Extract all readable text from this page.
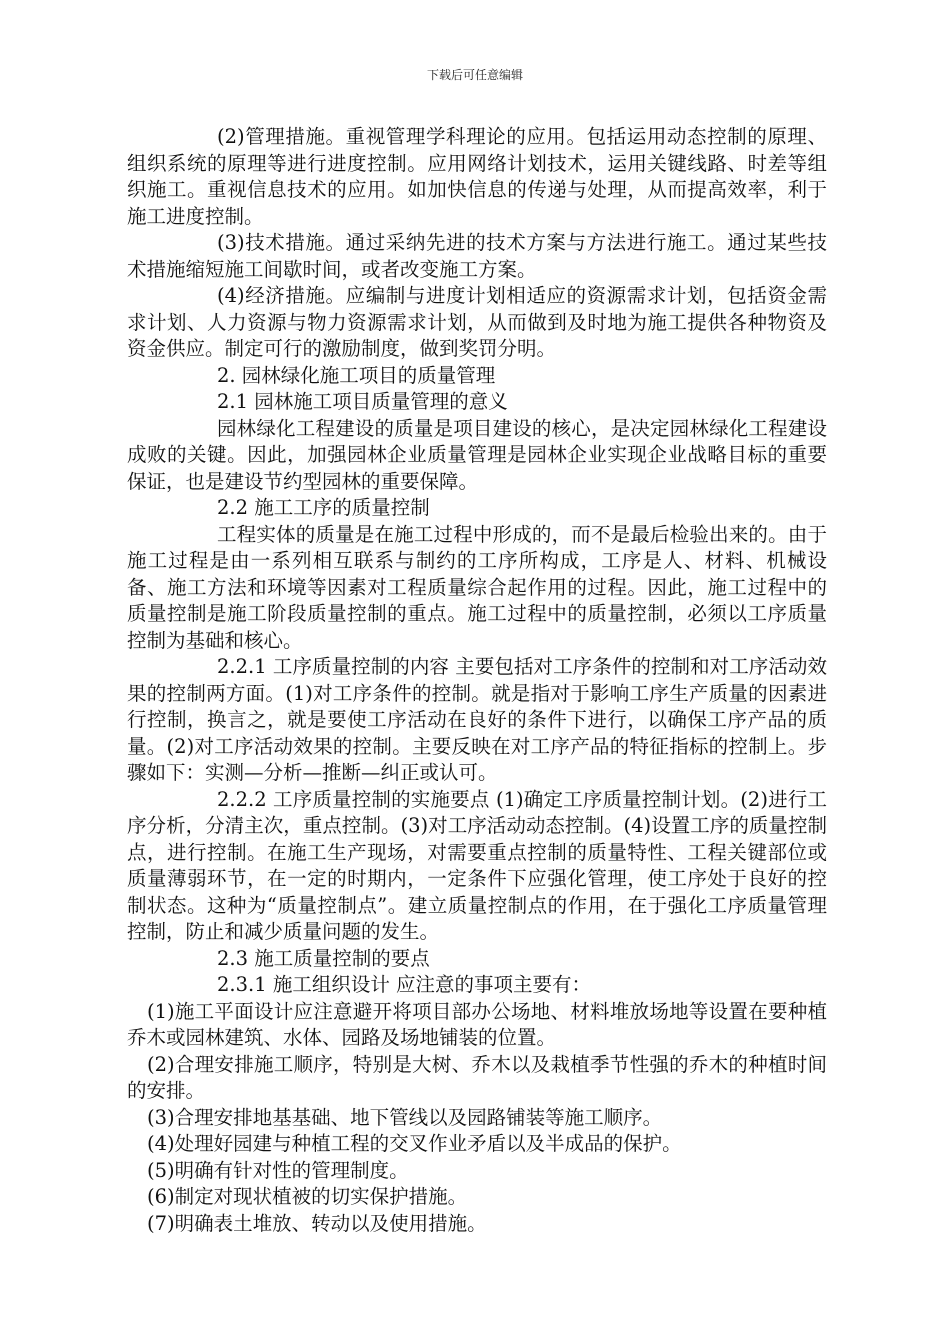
下载后可任意编辑

(2)管理措施。重视管理学科理论的应用。包括运用动态控制的原理、组织系统的原理等进行进度控制。应用网络计划技术，运用关键线路、时差等组织施工。重视信息技术的应用。如加快信息的传递与处理，从而提高效率，利于施工进度控制。

(3)技术措施。通过采纳先进的技术方案与方法进行施工。通过某些技术措施缩短施工间歇时间，或者改变施工方案。

(4)经济措施。应编制与进度计划相适应的资源需求计划，包括资金需求计划、人力资源与物力资源需求计划，从而做到及时地为施工提供各种物资及资金供应。制定可行的激励制度，做到奖罚分明。

2. 园林绿化施工项目的质量管理

2.1 园林施工项目质量管理的意义

园林绿化工程建设的质量是项目建设的核心，是决定园林绿化工程建设成败的关键。因此，加强园林企业质量管理是园林企业实现企业战略目标的重要保证，也是建设节约型园林的重要保障。

2.2 施工工序的质量控制

工程实体的质量是在施工过程中形成的，而不是最后检验出来的。由于施工过程是由一系列相互联系与制约的工序所构成，工序是人、材料、机械设备、施工方法和环境等因素对工程质量综合起作用的过程。因此，施工过程中的质量控制是施工阶段质量控制的重点。施工过程中的质量控制，必须以工序质量控制为基础和核心。

2.2.1 工序质量控制的内容 主要包括对工序条件的控制和对工序活动效果的控制两方面。(1)对工序条件的控制。就是指对于影响工序生产质量的因素进行控制，换言之，就是要使工序活动在良好的条件下进行，以确保工序产品的质量。(2)对工序活动效果的控制。主要反映在对工序产品的特征指标的控制上。步骤如下：实测—分析—推断—纠正或认可。

2.2.2 工序质量控制的实施要点 (1)确定工序质量控制计划。(2)进行工序分析，分清主次，重点控制。(3)对工序活动动态控制。(4)设置工序的质量控制点，进行控制。在施工生产现场，对需要重点控制的质量特性、工程关键部位或质量薄弱环节，在一定的时期内，一定条件下应强化管理，使工序处于良好的控制状态。这种为“质量控制点”。建立质量控制点的作用，在于强化工序质量管理控制，防止和减少质量问题的发生。

2.3 施工质量控制的要点

2.3.1 施工组织设计 应注意的事项主要有：

(1)施工平面设计应注意避开将项目部办公场地、材料堆放场地等设置在要种植乔木或园林建筑、水体、园路及场地铺装的位置。

(2)合理安排施工顺序，特别是大树、乔木以及栽植季节性强的乔木的种植时间的安排。

(3)合理安排地基基础、地下管线以及园路铺装等施工顺序。

(4)处理好园建与种植工程的交叉作业矛盾以及半成品的保护。

(5)明确有针对性的管理制度。

(6)制定对现状植被的切实保护措施。

(7)明确表土堆放、转动以及使用措施。
